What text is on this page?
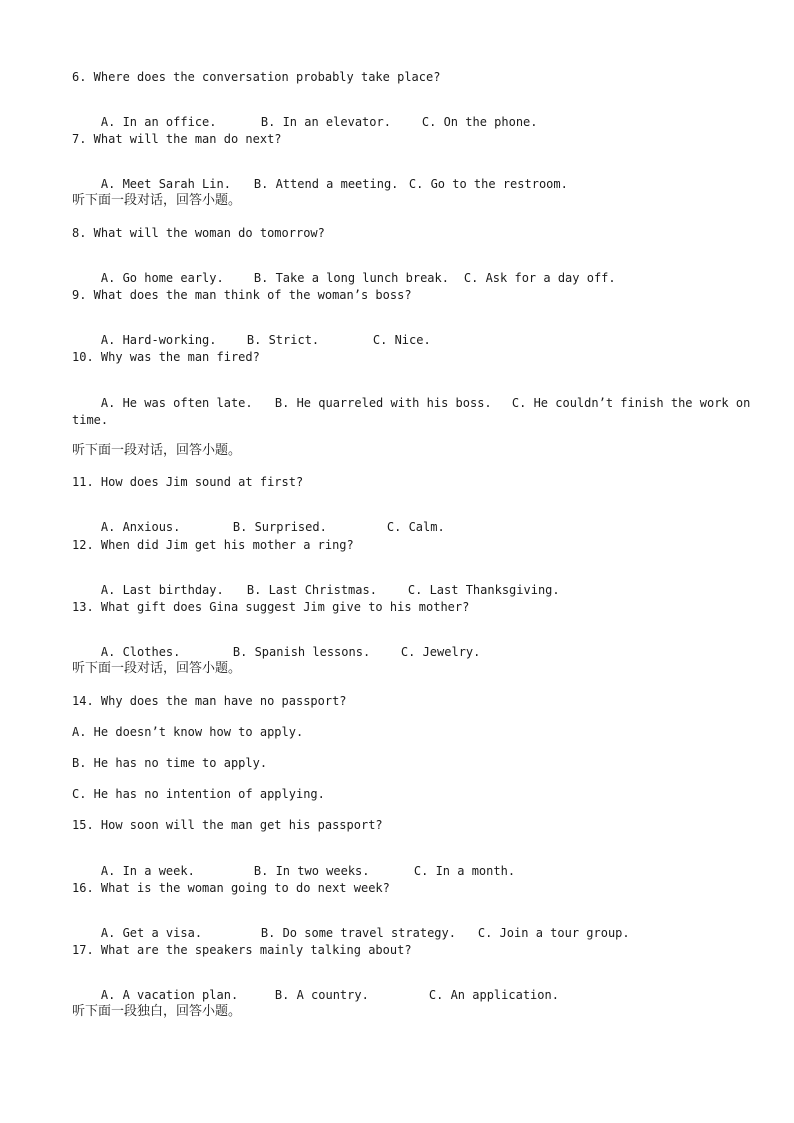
6. Where does the conversation probably take place?

A. In an office.	B. In an elevator.	C. On the phone.

7. What will the man do next?

A. Meet Sarah Lin. B. Attend a meeting. C. Go to the restroom.

听下面一段对话，回答小题。
8. What will the woman do tomorrow?

A. Go home early.	B. Take a long lunch break. C. Ask for a day off.

9. What does the man think of the woman’s boss?

A. Hard-working.	B. Strict.	C. Nice.

10. Why was the man fired?

A. He was often late. B. He quarreled with his boss. C. He couldn’t finish the work on

time.
听下面一段对话，回答小题。
11. How does Jim sound at first?

A. Anxious.	B. Surprised.	C. Calm.

12. When did Jim get his mother a ring?

A. Last birthday. B. Last Christmas.	C. Last Thanksgiving.

13. What gift does Gina suggest Jim give to his mother?

A. Clothes.	B. Spanish lessons.	C. Jewelry.

听下面一段对话，回答小题。
14. Why does the man have no passport?
A. He doesn’t know how to apply.
B. He has no time to apply.
C. He has no intention of applying.
15. How soon will the man get his passport?

A. In a week.	B. In two weeks.	C. In a month.

16. What is the woman going to do next week?

A. Get a visa.	B. Do some travel strategy. C. Join a tour group.

17. What are the speakers mainly talking about?

A. A vacation plan.	B. A country.	C. An application.

听下面一段独白，回答小题。
